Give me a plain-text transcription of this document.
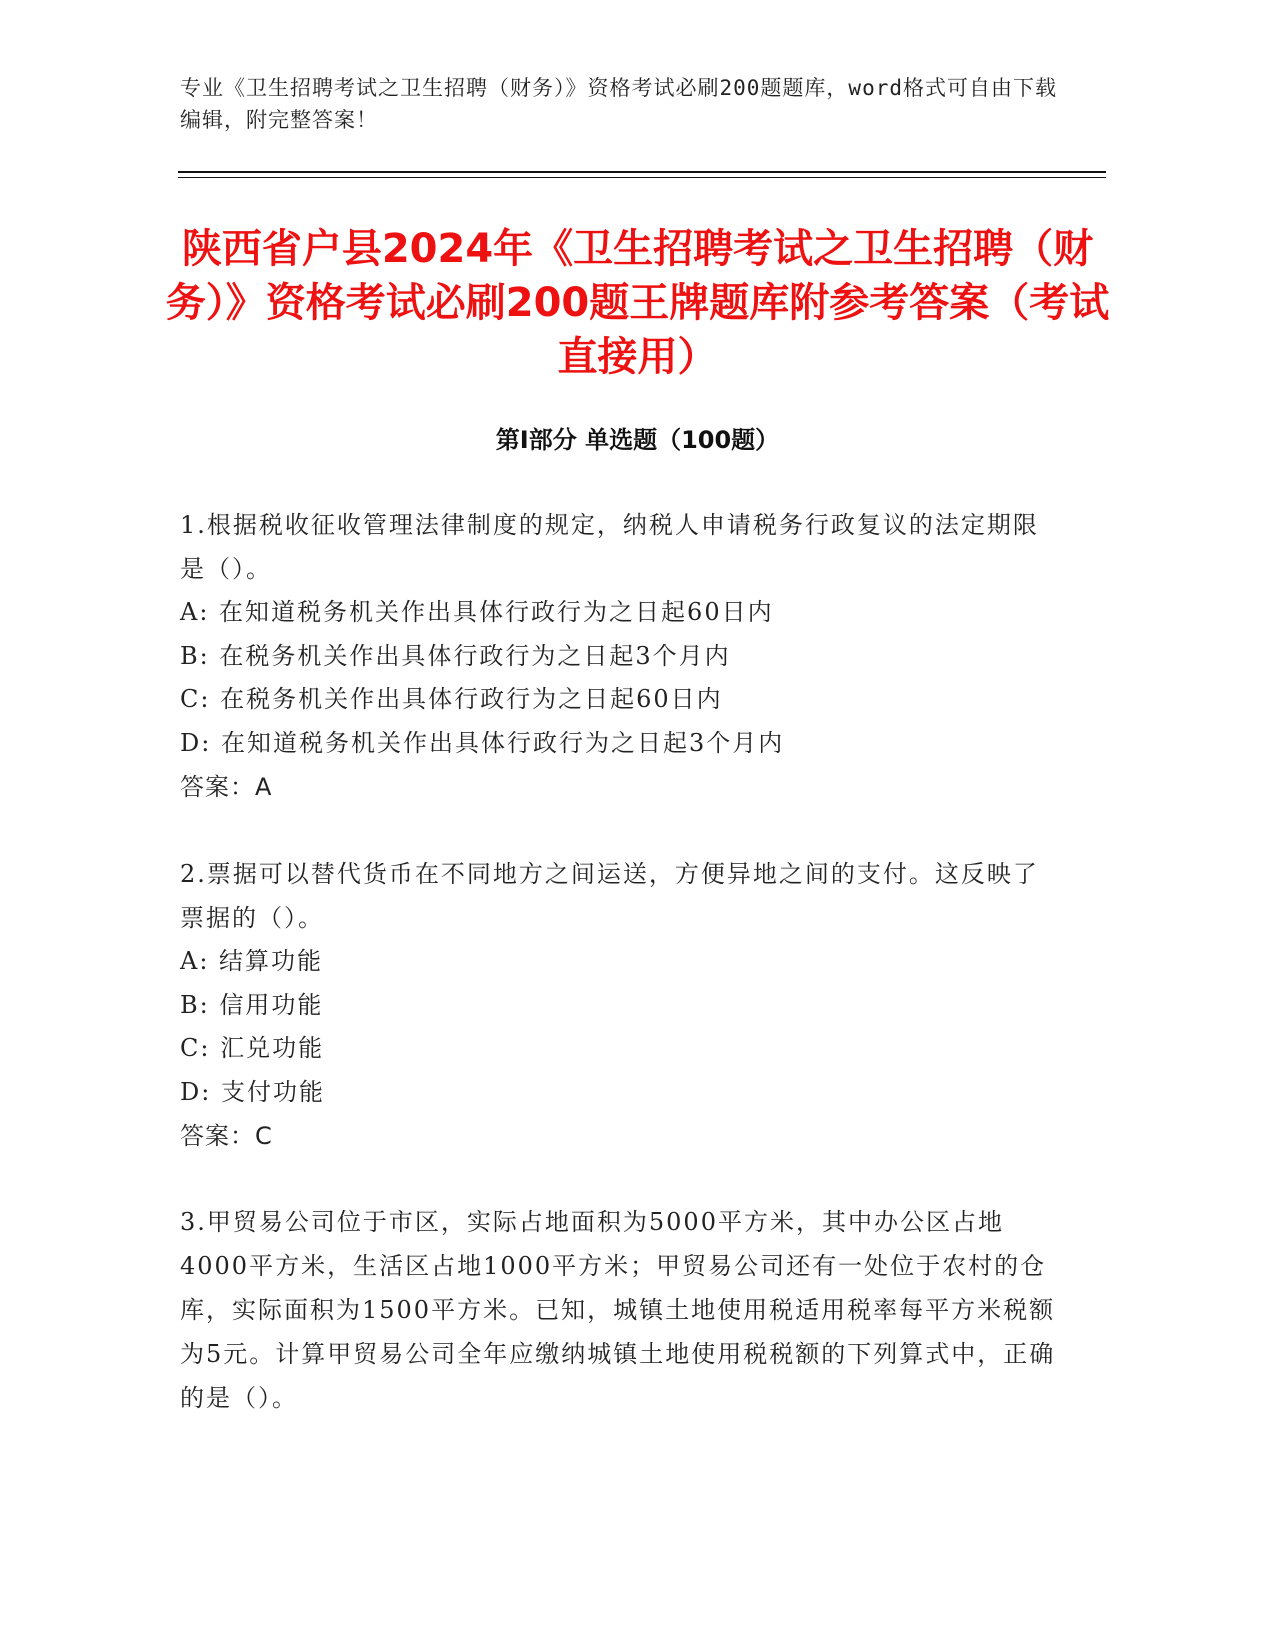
专业《卫生招聘考试之卫生招聘（财务）》资格考试必刷200题题库，word格式可自由下载编辑，附完整答案！
陕西省户县2024年《卫生招聘考试之卫生招聘（财务）》资格考试必刷200题王牌题库附参考答案（考试直接用）
第Ⅰ部分 单选题（100题）
1.根据税收征收管理法律制度的规定，纳税人申请税务行政复议的法定期限是（）。
A: 在知道税务机关作出具体行政行为之日起60日内
B: 在税务机关作出具体行政行为之日起3个月内
C: 在税务机关作出具体行政行为之日起60日内
D: 在知道税务机关作出具体行政行为之日起3个月内
答案：A
2.票据可以替代货币在不同地方之间运送，方便异地之间的支付。这反映了票据的（）。
A: 结算功能
B: 信用功能
C: 汇兑功能
D: 支付功能
答案：C
3.甲贸易公司位于市区，实际占地面积为5000平方米，其中办公区占地4000平方米，生活区占地1000平方米；甲贸易公司还有一处位于农村的仓库，实际面积为1500平方米。已知，城镇土地使用税适用税率每平方米税额为5元。计算甲贸易公司全年应缴纳城镇土地使用税税额的下列算式中，正确的是（）。
